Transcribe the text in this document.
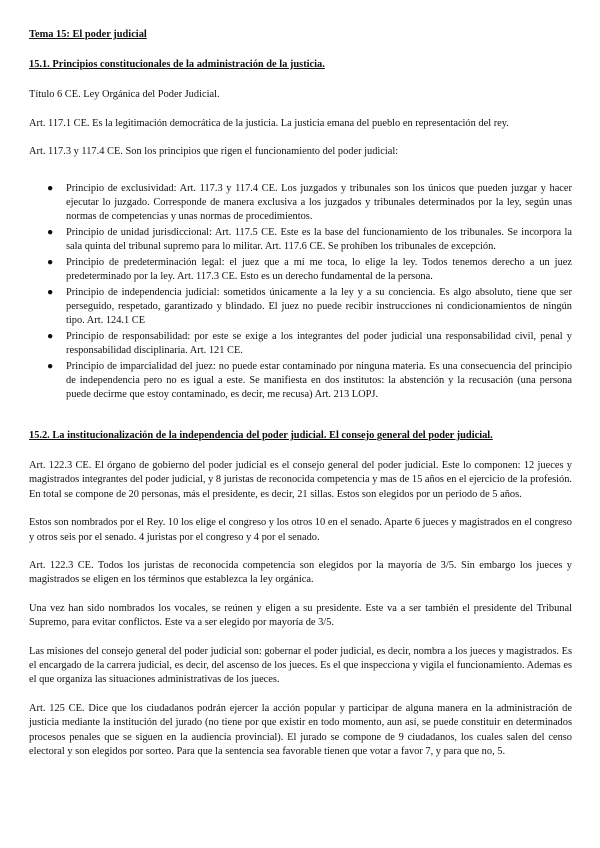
Tema 15: El poder judicial
15.1. Principios constitucionales de la administración de la justicia.

Título 6 CE. Ley Orgánica del Poder Judicial.

Art. 117.1 CE. Es la legitimación democrática de la justicia. La justicia emana del pueblo en representación del rey.

Art. 117.3 y 117.4 CE. Son los principios que rigen el funcionamiento del poder judicial:

● Principio de exclusividad: Art. 117.3 y 117.4 CE. Los juzgados y tribunales son los únicos que pueden juzgar y hacer ejecutar lo juzgado. Corresponde de manera exclusiva a los juzgados y tribunales determinados por la ley, según unas normas de competencias y unas normas de procedimientos.
● Principio de unidad jurisdiccional: Art. 117.5 CE. Este es la base del funcionamiento de los tribunales. Se incorpora la sala quinta del tribunal supremo para lo militar. Art. 117.6 CE. Se prohíben los tribunales de excepción.
● Principio de predeterminación legal: el juez que a mí me toca, lo elige la ley. Todos tenemos derecho a un juez predeterminado por la ley. Art. 117.3 CE. Esto es un derecho fundamental de la persona.
● Principio de independencia judicial: sometidos únicamente a la ley y a su conciencia. Es algo absoluto, tiene que ser perseguido, respetado, garantizado y blindado. El juez no puede recibir instrucciones ni condicionamientos de ningún tipo. Art. 124.1 CE
● Principio de responsabilidad: por este se exige a los integrantes del poder judicial una responsabilidad civil, penal y responsabilidad disciplinaria. Art. 121 CE.
● Principio de imparcialidad del juez: no puede estar contaminado por ninguna materia. Es una consecuencia del principio de independencia pero no es igual a este. Se manifiesta en dos institutos: la abstención y la recusación (una persona puede decirme que estoy contaminado, es decir, me recusa) Art. 213 LOPJ.
15.2. La institucionalización de la independencia del poder judicial. El consejo general del poder judicial.

Art. 122.3 CE. El órgano de gobierno del poder judicial es el consejo general del poder judicial. Este lo componen: 12 jueces y magistrados integrantes del poder judicial, y 8 juristas de reconocida competencia y mas de 15 años en el ejercicio de la profesión. En total se compone de 20 personas, más el presidente, es decir, 21 sillas. Estos son elegidos por un periodo de 5 años.

Estos son nombrados por el Rey. 10 los elige el congreso y los otros 10 en el senado. Aparte 6 jueces y magistrados en el congreso y otros seis por el senado. 4 juristas por el congreso y 4 por el senado.

Art. 122.3 CE. Todos los juristas de reconocida competencia son elegidos por la mayoría de 3/5. Sin embargo los jueces y magistrados se eligen en los términos que establezca la ley orgánica.

Una vez han sido nombrados los vocales, se reúnen y eligen a su presidente. Este va a ser también el presidente del Tribunal Supremo, para evitar conflictos. Este va a ser elegido por mayoría de 3/5.

Las misiones del consejo general del poder judicial son: gobernar el poder judicial, es decir, nombra a los jueces y magistrados. Es el encargado de la carrera judicial, es decir, del ascenso de los jueces. Es el que inspecciona y vigila el funcionamiento. Ademas es el que organiza las situaciones administrativas de los jueces.

Art. 125 CE. Dice que los ciudadanos podrán ejercer la acción popular y participar de alguna manera en la administración de justicia mediante la institución del jurado (no tiene por que existir en todo momento, aun así, se puede constituir en determinados procesos penales que se siguen en la audiencia provincial). El jurado se compone de 9 ciudadanos, los cuales salen del censo electoral y son elegidos por sorteo. Para que la sentencia sea favorable tienen que votar a favor 7, y para que no, 5.
